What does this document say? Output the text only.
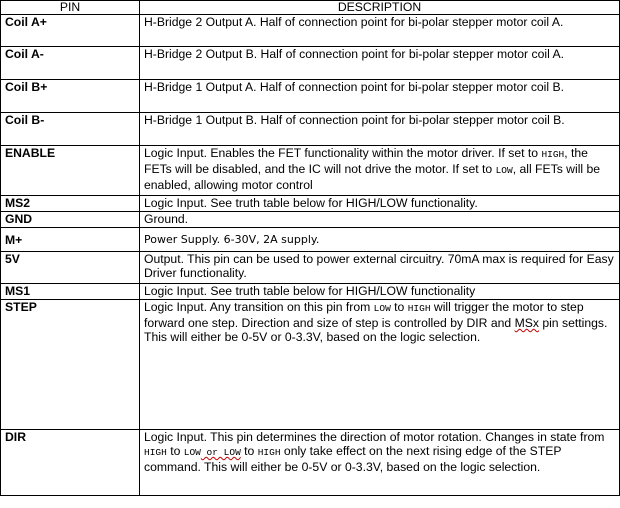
PIN	DESCRIPTION
Coil A+	H-Bridge 2 Output A. Half of connection point for bi-polar stepper motor coil A.
Coil A-	H-Bridge 2 Output B. Half of connection point for bi-polar stepper motor coil A.
Coil B+	H-Bridge 1 Output A. Half of connection point for bi-polar stepper motor coil B.
Coil B-	H-Bridge 1 Output B. Half of connection point for bi-polar stepper motor coil B.
ENABLE	Logic Input. Enables the FET functionality within the motor driver. If set to HIGH, the FETs will be disabled, and the IC will not drive the motor. If set to LOW, all FETs will be enabled, allowing motor control
MS2	Logic Input. See truth table below for HIGH/LOW functionality.
GND	Ground.
M+	Power Supply. 6-30V, 2A supply.
5V	Output. This pin can be used to power external circuitry. 70mA max is required for Easy Driver functionality.
MS1	Logic Input. See truth table below for HIGH/LOW functionality
STEP	Logic Input. Any transition on this pin from LOW to HIGH will trigger the motor to step forward one step. Direction and size of step is controlled by DIR and MSx pin settings. This will either be 0-5V or 0-3.3V, based on the logic selection.
DIR	Logic Input. This pin determines the direction of motor rotation. Changes in state from HIGH to LOW or LOW to HIGH only take effect on the next rising edge of the STEP command. This will either be 0-5V or 0-3.3V, based on the logic selection.
